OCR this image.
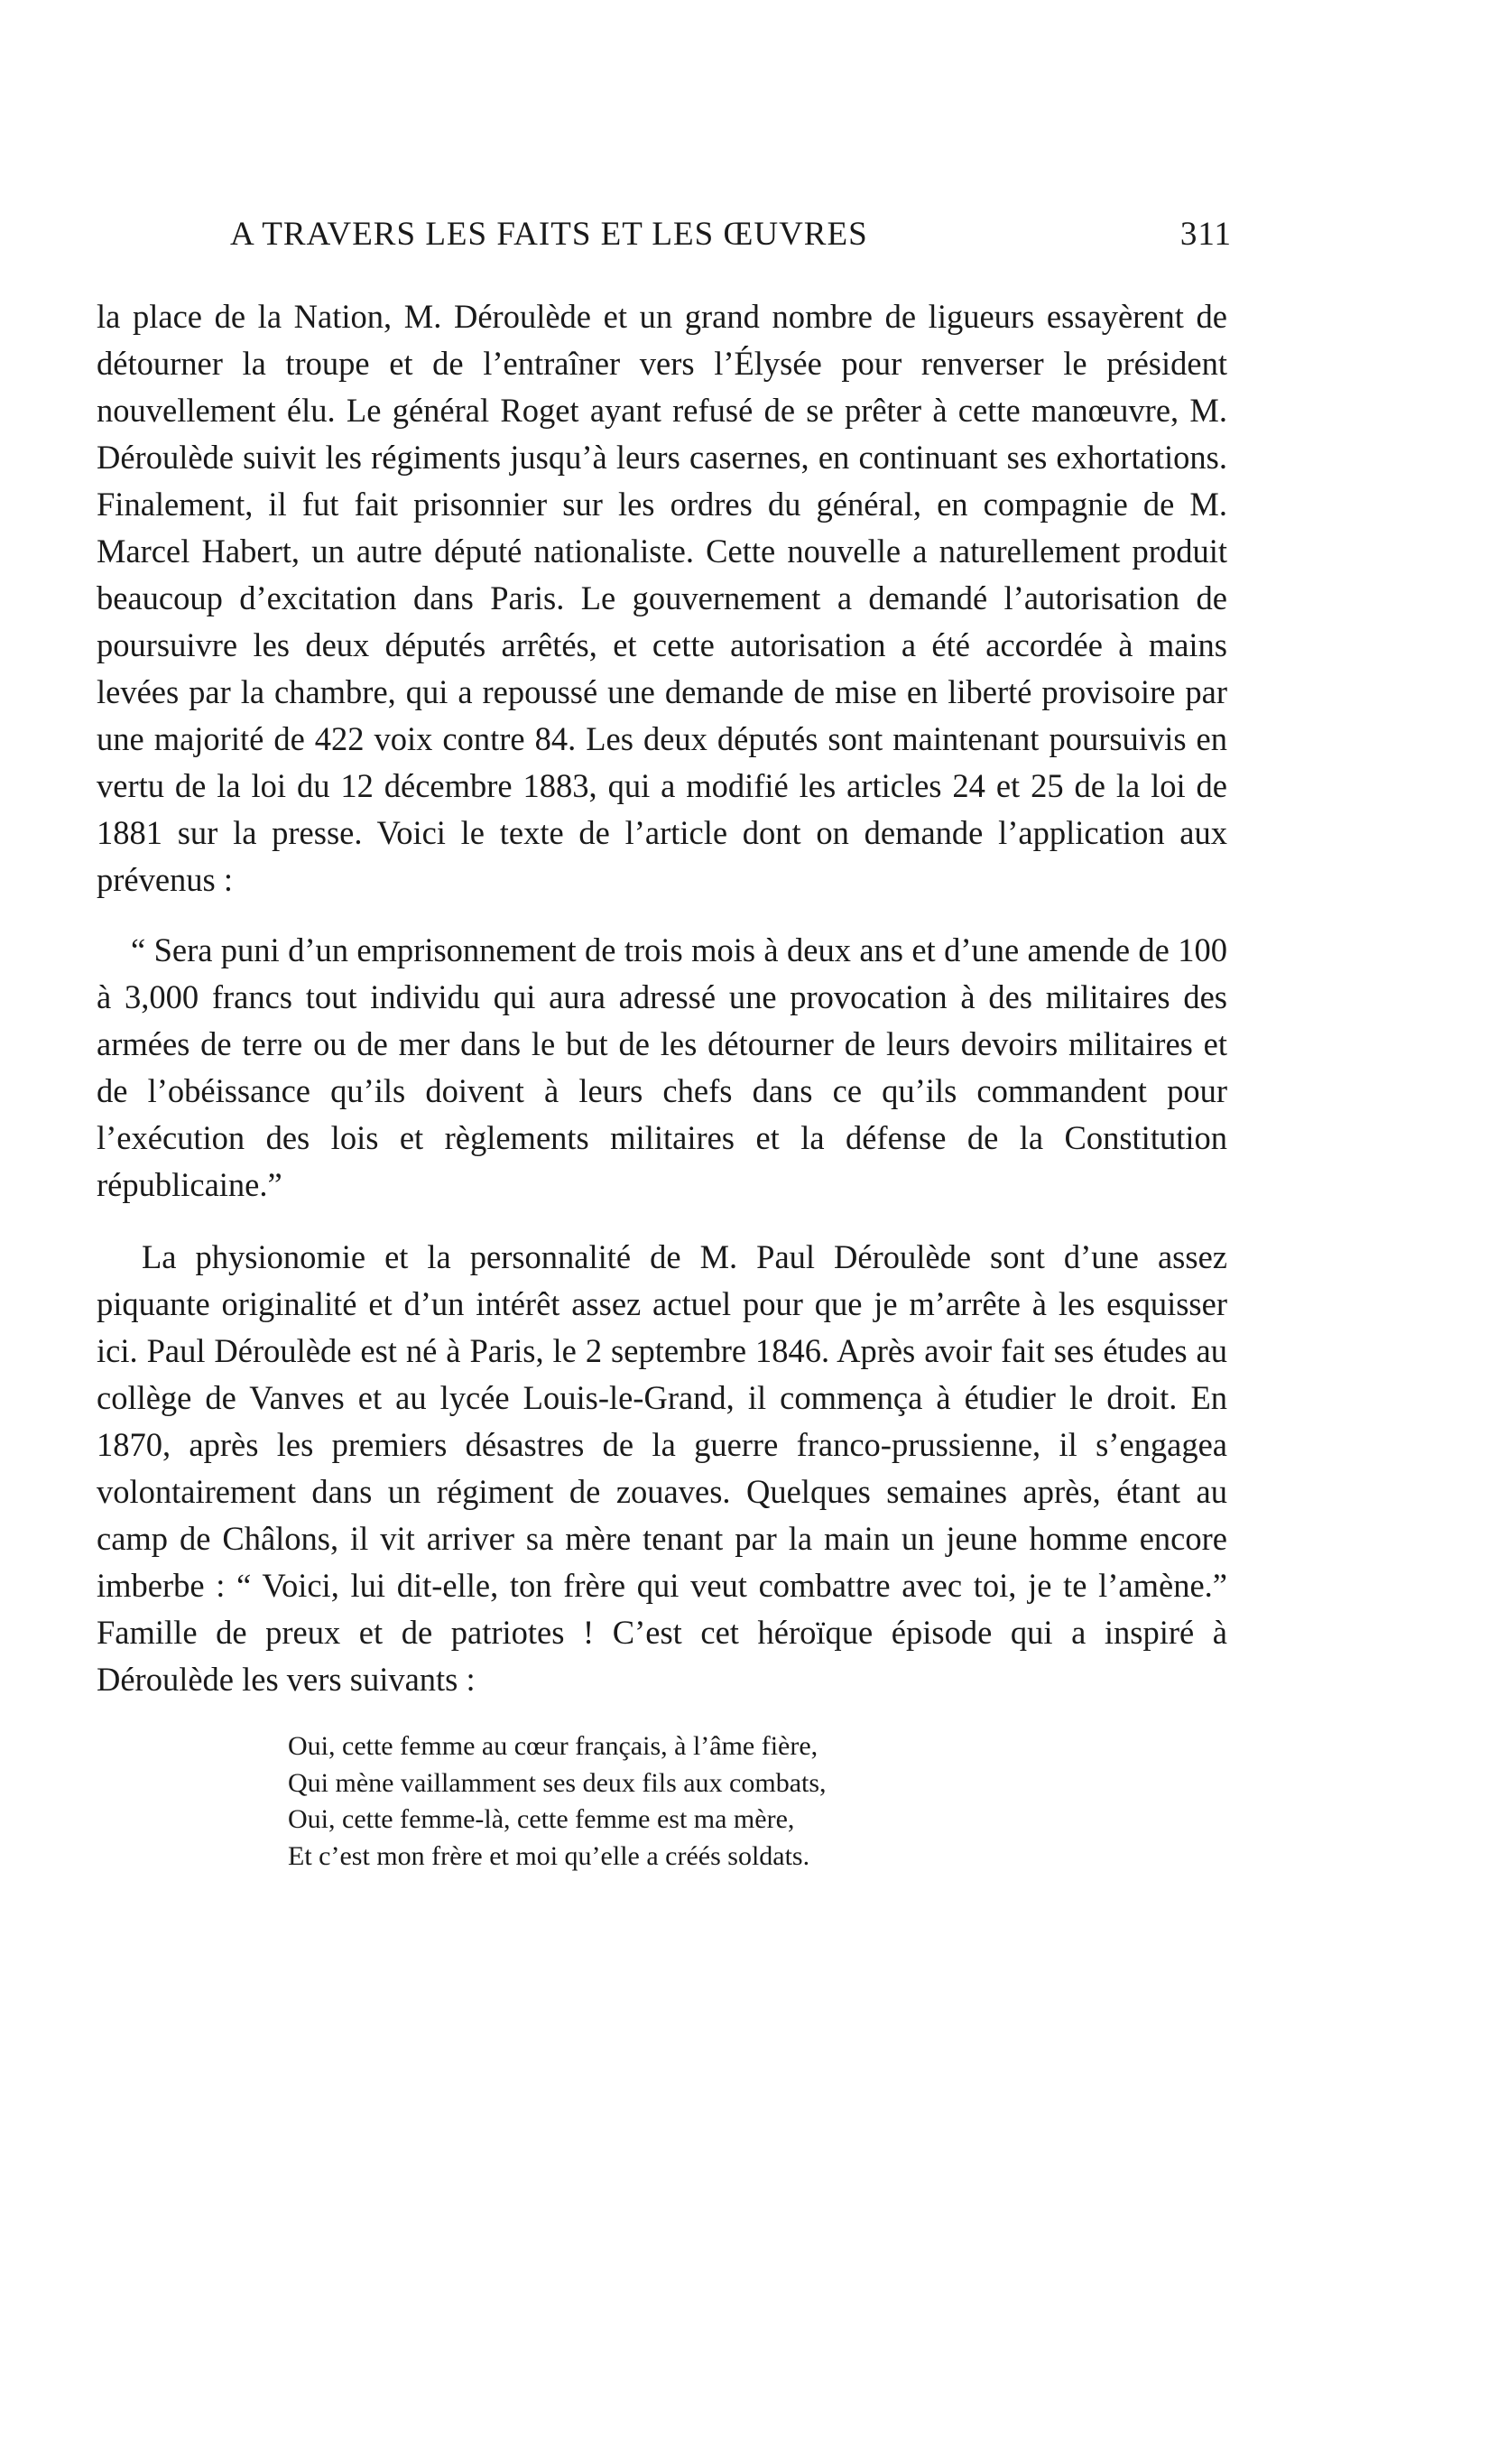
A TRAVERS LES FAITS ET LES ŒUVRES	311

la place de la Nation, M. Déroulède et un grand nombre de ligueurs essayèrent de détourner la troupe et de l’entraîner vers l’Élysée pour renverser le président nouvellement élu. Le général Roget ayant refusé de se prêter à cette manœuvre, M. Déroulède suivit les régiments jusqu’à leurs casernes, en continuant ses exhortations. Finalement, il fut fait prisonnier sur les ordres du général, en compagnie de M. Marcel Habert, un autre député nationaliste. Cette nouvelle a naturellement produit beaucoup d’excitation dans Paris. Le gouvernement a demandé l’autorisation de poursuivre les deux députés arrêtés, et cette autorisation a été accordée à mains levées par la chambre, qui a repoussé une demande de mise en liberté provisoire par une majorité de 422 voix contre 84. Les deux députés sont maintenant poursuivis en vertu de la loi du 12 décembre 1883, qui a modifié les articles 24 et 25 de la loi de 1881 sur la presse. Voici le texte de l’article dont on demande l’application aux prévenus :

“ Sera puni d’un emprisonnement de trois mois à deux ans et d’une amende de 100 à 3,000 francs tout individu qui aura adressé une provocation à des militaires des armées de terre ou de mer dans le but de les détourner de leurs devoirs militaires et de l’obéissance qu’ils doivent à leurs chefs dans ce qu’ils commandent pour l’exécution des lois et règlements militaires et la défense de la Constitution républicaine.”

La physionomie et la personnalité de M. Paul Déroulède sont d’une assez piquante originalité et d’un intérêt assez actuel pour que je m’arrête à les esquisser ici. Paul Déroulède est né à Paris, le 2 septembre 1846. Après avoir fait ses études au collège de Vanves et au lycée Louis-le-Grand, il commença à étudier le droit. En 1870, après les premiers désastres de la guerre franco-prussienne, il s’engagea volontairement dans un régiment de zouaves. Quelques semaines après, étant au camp de Châlons, il vit arriver sa mère tenant par la main un jeune homme encore imberbe : “ Voici, lui dit-elle, ton frère qui veut combattre avec toi, je te l’amène.” Famille de preux et de patriotes ! C’est cet héroïque épisode qui a inspiré à Déroulède les vers suivants :

Oui, cette femme au cœur français, à l’âme fière,
Qui mène vaillamment ses deux fils aux combats,
Oui, cette femme-là, cette femme est ma mère,
Et c’est mon frère et moi qu’elle a créés soldats.
